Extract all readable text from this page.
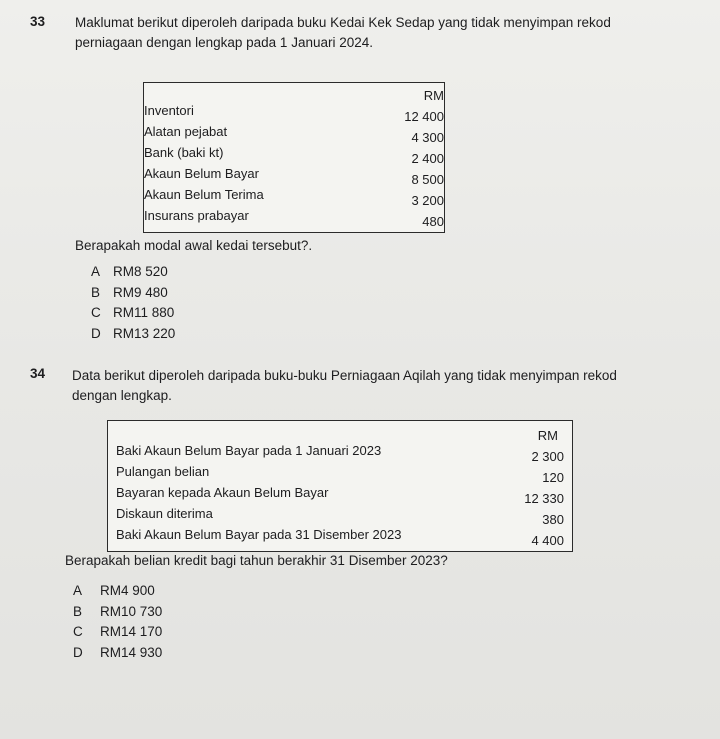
33 Maklumat berikut diperoleh daripada buku Kedai Kek Sedap yang tidak menyimpan rekod
perniagaan dengan lengkap pada 1 Januari 2024.
	RM
Inventori	12 400
Alatan pejabat	4 300
Bank (baki kt)	2 400
Akaun Belum Bayar	8 500
Akaun Belum Terima	3 200
Insurans prabayar	480
Berapakah modal awal kedai tersebut?.
A RM8 520
B RM9 480
C RM11 880
D RM13 220
34 Data berikut diperoleh daripada buku-buku Perniagaan Aqilah yang tidak menyimpan rekod
dengan lengkap.
	RM
Baki Akaun Belum Bayar pada 1 Januari 2023	2 300
Pulangan belian	120
Bayaran kepada Akaun Belum Bayar	12 330
Diskaun diterima	380
Baki Akaun Belum Bayar pada 31 Disember 2023	4 400
Berapakah belian kredit bagi tahun berakhir 31 Disember 2023?
A	RM4 900
B	RM10 730
C	RM14 170
D	RM14 930
